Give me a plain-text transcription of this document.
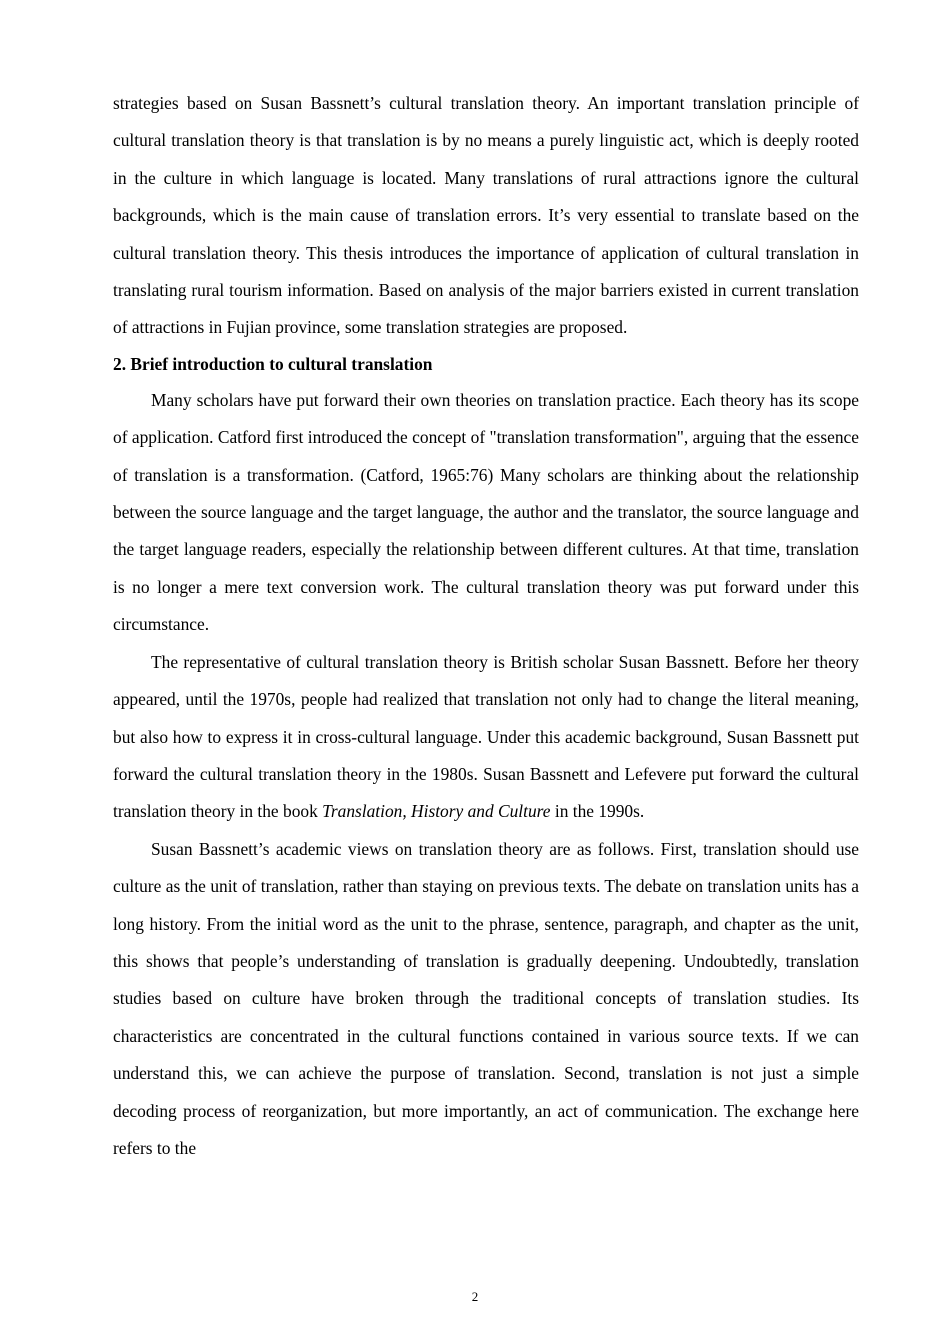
strategies based on Susan Bassnett’s cultural translation theory. An important translation principle of cultural translation theory is that translation is by no means a purely linguistic act, which is deeply rooted in the culture in which language is located. Many translations of rural attractions ignore the cultural backgrounds, which is the main cause of translation errors. It’s very essential to translate based on the cultural translation theory. This thesis introduces the importance of application of cultural translation in translating rural tourism information. Based on analysis of the major barriers existed in current translation of attractions in Fujian province, some translation strategies are proposed.

2. Brief introduction to cultural translation

Many scholars have put forward their own theories on translation practice. Each theory has its scope of application. Catford first introduced the concept of "translation transformation", arguing that the essence of translation is a transformation. (Catford, 1965:76) Many scholars are thinking about the relationship between the source language and the target language, the author and the translator, the source language and the target language readers, especially the relationship between different cultures. At that time, translation is no longer a mere text conversion work. The cultural translation theory was put forward under this circumstance.

The representative of cultural translation theory is British scholar Susan Bassnett. Before her theory appeared, until the 1970s, people had realized that translation not only had to change the literal meaning, but also how to express it in cross-cultural language. Under this academic background, Susan Bassnett put forward the cultural translation theory in the 1980s. Susan Bassnett and Lefevere put forward the cultural translation theory in the book Translation, History and Culture in the 1990s.

Susan Bassnett’s academic views on translation theory are as follows. First, translation should use culture as the unit of translation, rather than staying on previous texts. The debate on translation units has a long history. From the initial word as the unit to the phrase, sentence, paragraph, and chapter as the unit, this shows that people’s understanding of translation is gradually deepening. Undoubtedly, translation studies based on culture have broken through the traditional concepts of translation studies. Its characteristics are concentrated in the cultural functions contained in various source texts. If we can understand this, we can achieve the purpose of translation. Second, translation is not just a simple decoding process of reorganization, but more importantly, an act of communication. The exchange here refers to the

2
